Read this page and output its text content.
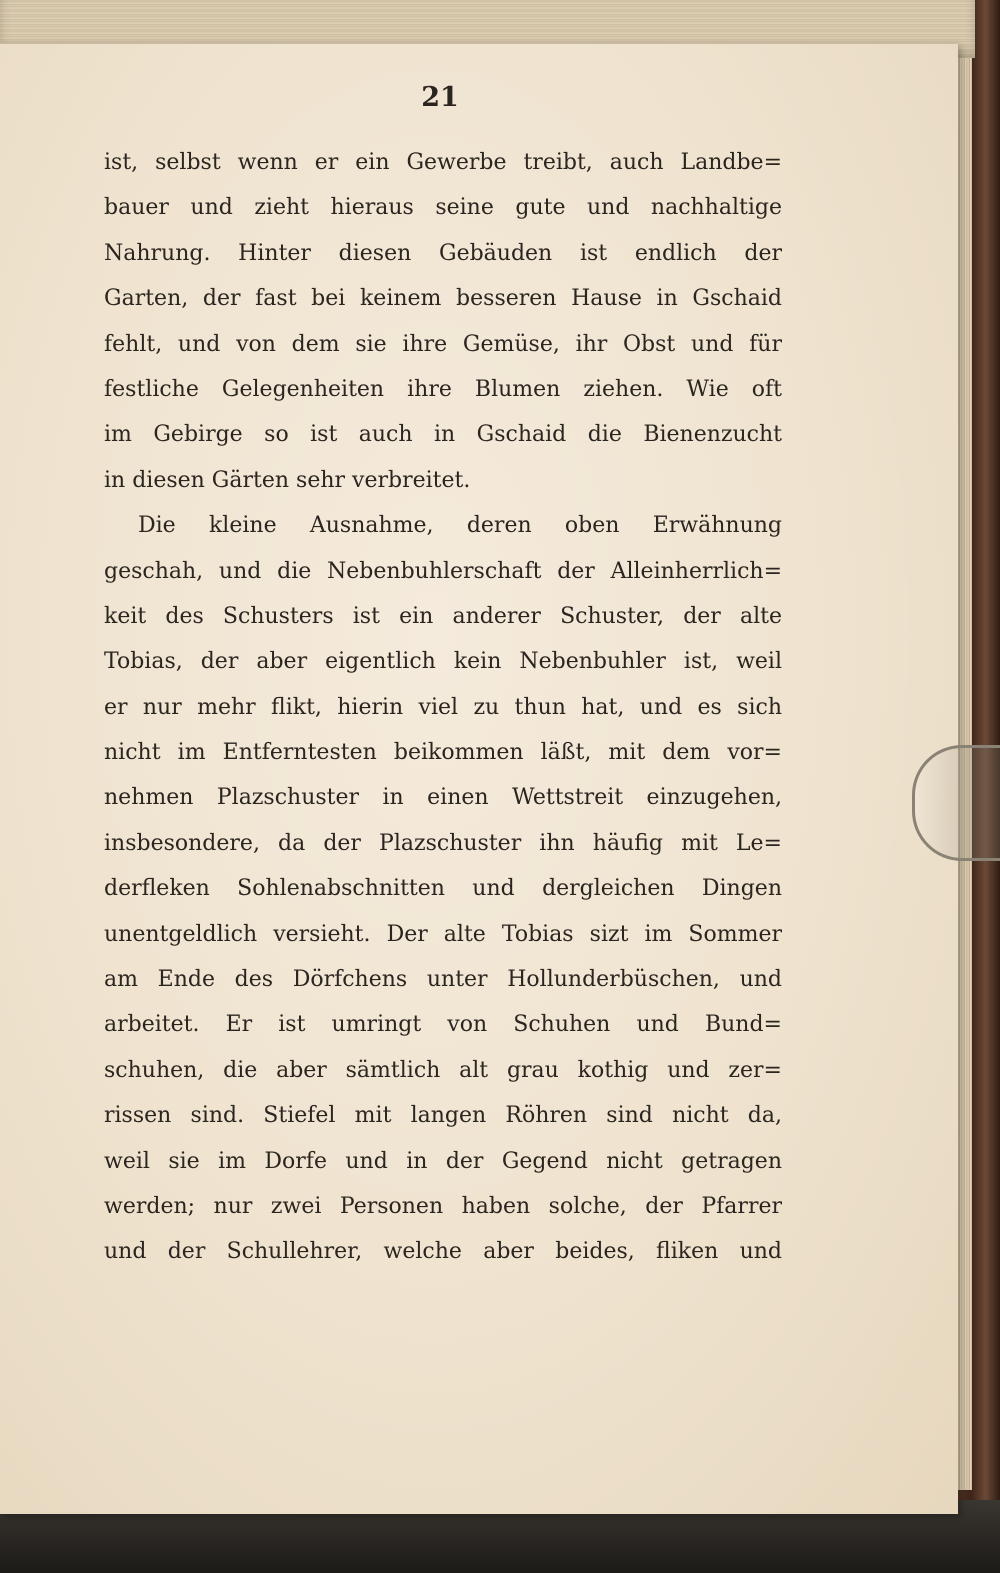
21
ist, selbst wenn er ein Gewerbe treibt, auch Landbe=
bauer und zieht hieraus seine gute und nachhaltige
Nahrung. Hinter diesen Gebäuden ist endlich der
Garten, der fast bei keinem besseren Hause in Gschaid
fehlt, und von dem sie ihre Gemüse, ihr Obst und für
festliche Gelegenheiten ihre Blumen ziehen. Wie oft
im Gebirge so ist auch in Gschaid die Bienenzucht
in diesen Gärten sehr verbreitet.
Die kleine Ausnahme, deren oben Erwähnung
geschah, und die Nebenbuhlerschaft der Alleinherrlich=
keit des Schusters ist ein anderer Schuster, der alte
Tobias, der aber eigentlich kein Nebenbuhler ist, weil
er nur mehr flikt, hierin viel zu thun hat, und es sich
nicht im Entferntesten beikommen läßt, mit dem vor=
nehmen Plazschuster in einen Wettstreit einzugehen,
insbesondere, da der Plazschuster ihn häufig mit Le=
derfleken Sohlenabschnitten und dergleichen Dingen
unentgeldlich versieht. Der alte Tobias sizt im Sommer
am Ende des Dörfchens unter Hollunderbüschen, und
arbeitet. Er ist umringt von Schuhen und Bund=
schuhen, die aber sämtlich alt grau kothig und zer=
rissen sind. Stiefel mit langen Röhren sind nicht da,
weil sie im Dorfe und in der Gegend nicht getragen
werden; nur zwei Personen haben solche, der Pfarrer
und der Schullehrer, welche aber beides, fliken und
